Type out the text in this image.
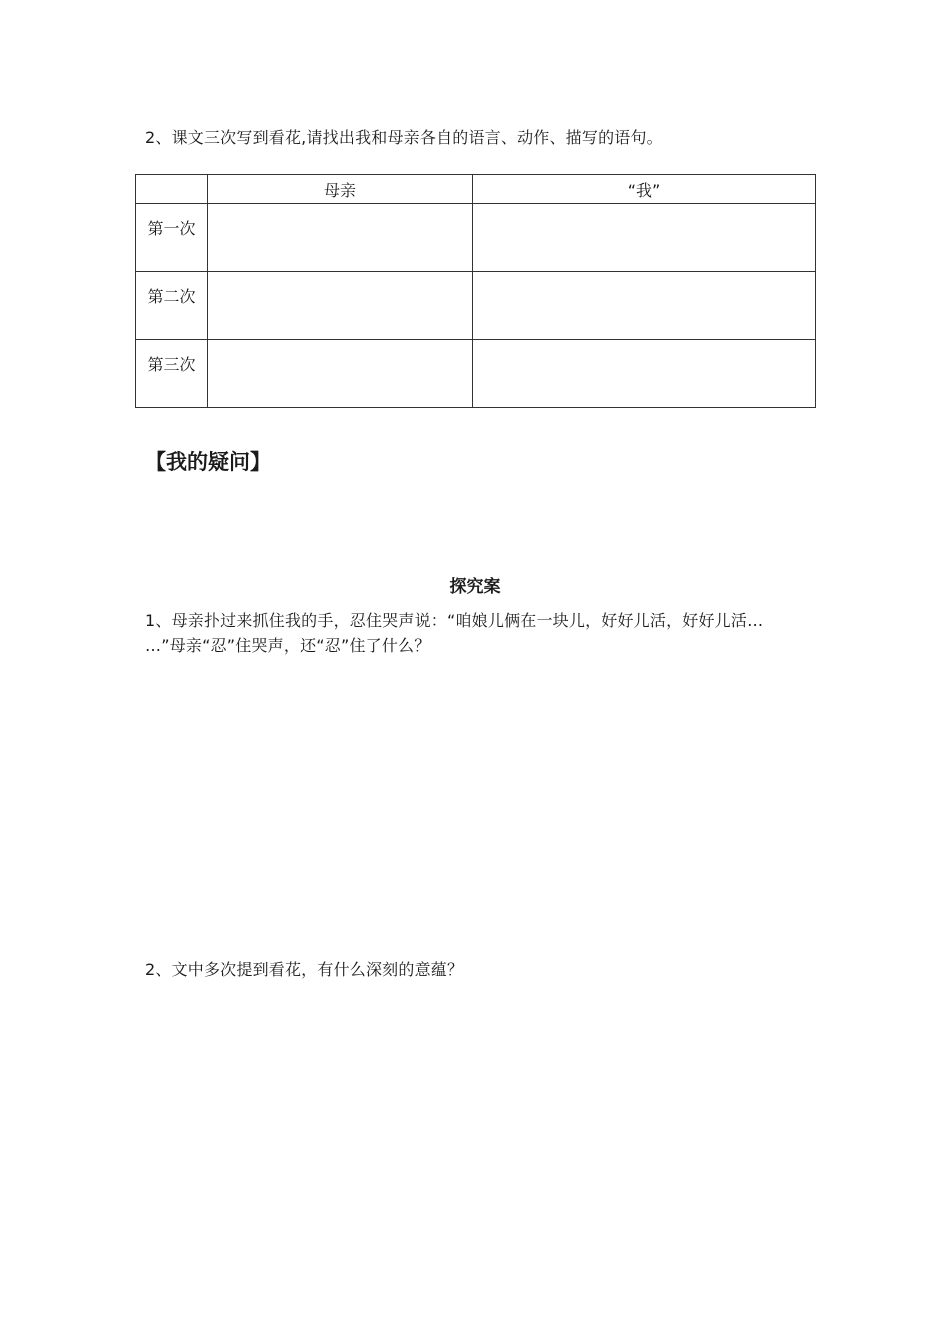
2、课文三次写到看花,请找出我和母亲各自的语言、动作、描写的语句。
	母亲	“我”
第一次		
第二次		
第三次		
【我的疑问】
探究案
1、母亲扑过来抓住我的手，忍住哭声说：“咱娘儿俩在一块儿，好好儿活，好好儿活…
…”母亲“忍”住哭声，还“忍”住了什么？
2、文中多次提到看花，有什么深刻的意蕴？
